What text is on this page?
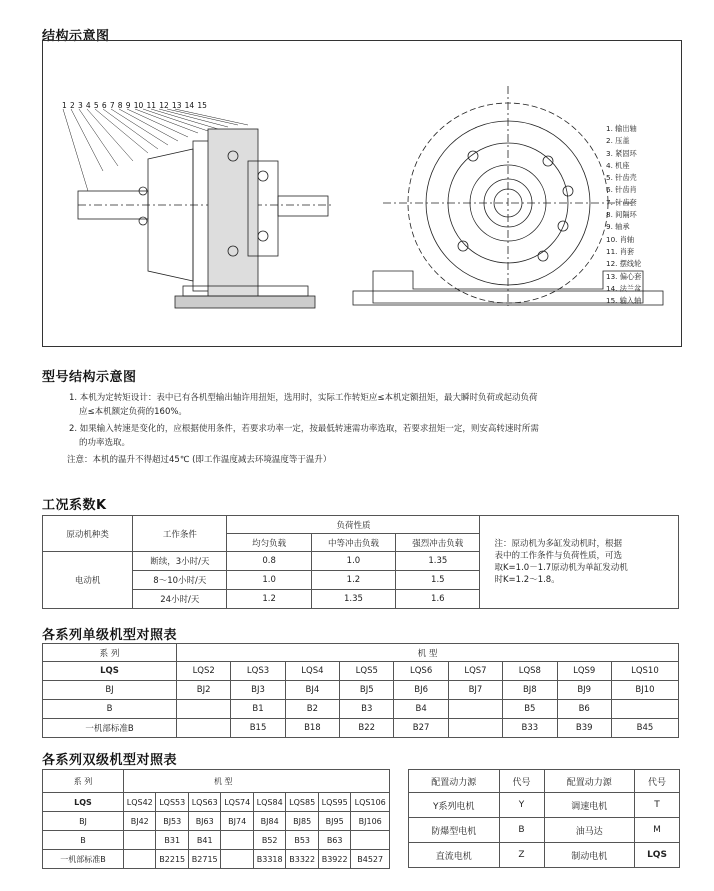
结构示意图
1 2 3 4 5 6 7 8 9 10 11 12 13 14 15
1. 输出轴
2. 压盖
3. 紧固环
4. 机座
5. 针齿壳
6. 针齿肖
7. 针齿套
8. 间隔环
9. 轴承
10. 肖轴
11. 肖套
12. 摆线轮
13. 偏心套
14. 法兰盆
15. 输入轴
型号结构示意图
1. 本机为定转矩设计：表中已有各机型输出轴许用扭矩，选用时，实际工作转矩应≤本机定额扭矩，最大瞬时负荷或起动负荷
应≤本机额定负荷的160%。
2. 如果输入转速是变化的，应根据使用条件，若要求功率一定，按最低转速需功率选取，若要求扭矩一定，则安高转速时所需
的功率选取。
注意：本机的温升不得超过45℃ (即工作温度减去环境温度等于温升）
工况系数K
原动机种类	工作条件	负荷性质			注：原动机为多缸发动机时，根据
表中的工作条件与负荷性质，可选
取K=1.0－1.7原动机为单缸发动机
时K=1.2～1.8。

		均匀负载	中等冲击负载	强烈冲击负载	
电动机	断续，3小时/天	0.8	1.0	1.35	
	8～10小时/天	1.0	1.2	1.5	
	24小时/天	1.2	1.35	1.6	
各系列单级机型对照表
系 列	机 型								
LQS	LQS2	LQS3	LQS4	LQS5	LQS6	LQS7	LQS8	LQS9	LQS10
BJ	BJ2	BJ3	BJ4	BJ5	BJ6	BJ7	BJ8	BJ9	BJ10
B		B1	B2	B3	B4		B5	B6	
一机部标准B		B15	B18	B22	B27		B33	B39	B45
各系列双级机型对照表
系 列	机 型							
LQS	LQS42	LQS53	LQS63	LQS74	LQS84	LQS85	LQS95	LQS106
BJ	BJ42	BJ53	BJ63	BJ74	BJ84	BJ85	BJ95	BJ106
B		B31	B41		B52	B53	B63	
一机部标准B		B2215	B2715		B3318	B3322	B3922	B4527
配置动力源	代号	配置动力源	代号
Y系列电机	Y	调速电机	T
防爆型电机	B	油马达	M
直流电机	Z	制动电机	LQS
